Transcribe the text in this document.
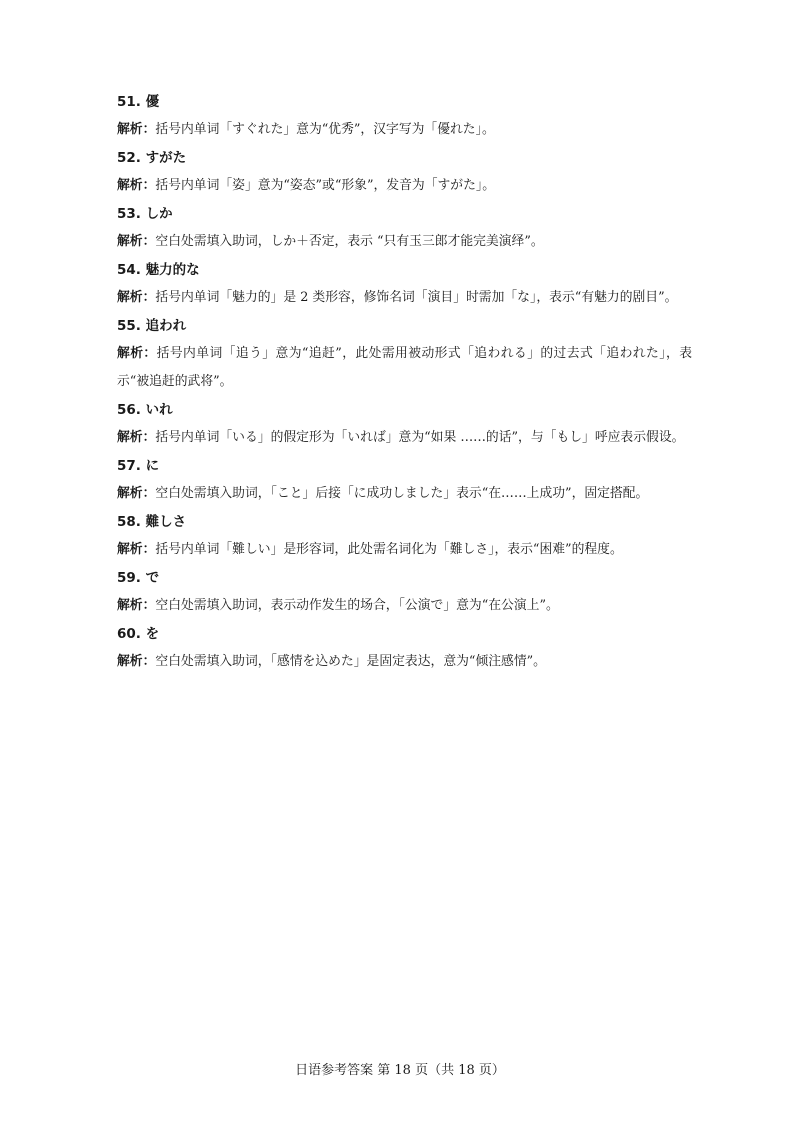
51. 優

解析：括号内单词「すぐれた」意为“优秀”，汉字写为「優れた」。

52. すがた

解析：括号内单词「姿」意为“姿态”或“形象”，发音为「すがた」。

53. しか

解析：空白处需填入助词，しか＋否定，表示 “只有玉三郎才能完美演绎”。

54. 魅力的な

解析：括号内单词「魅力的」是 2 类形容，修饰名词「演目」时需加「な」，表示“有魅力的剧目”。

55. 追われ

解析：括号内单词「追う」意为“追赶”，此处需用被动形式「追われる」的过去式「追われた」，表示“被追赶的武将”。

56. いれ

解析：括号内单词「いる」的假定形为「いれば」意为“如果 ……的话”，与「もし」呼应表示假设。

57. に

解析：空白处需填入助词，「こと」后接「に成功しました」表示“在……上成功”，固定搭配。

58. 難しさ

解析：括号内单词「難しい」是形容词，此处需名词化为「難しさ」，表示“困难”的程度。

59. で

解析：空白处需填入助词，表示动作发生的场合，「公演で」意为“在公演上”。

60. を

解析：空白处需填入助词，「感情を込めた」是固定表达，意为“倾注感情”。

日语参考答案 第 18 页（共 18 页）
